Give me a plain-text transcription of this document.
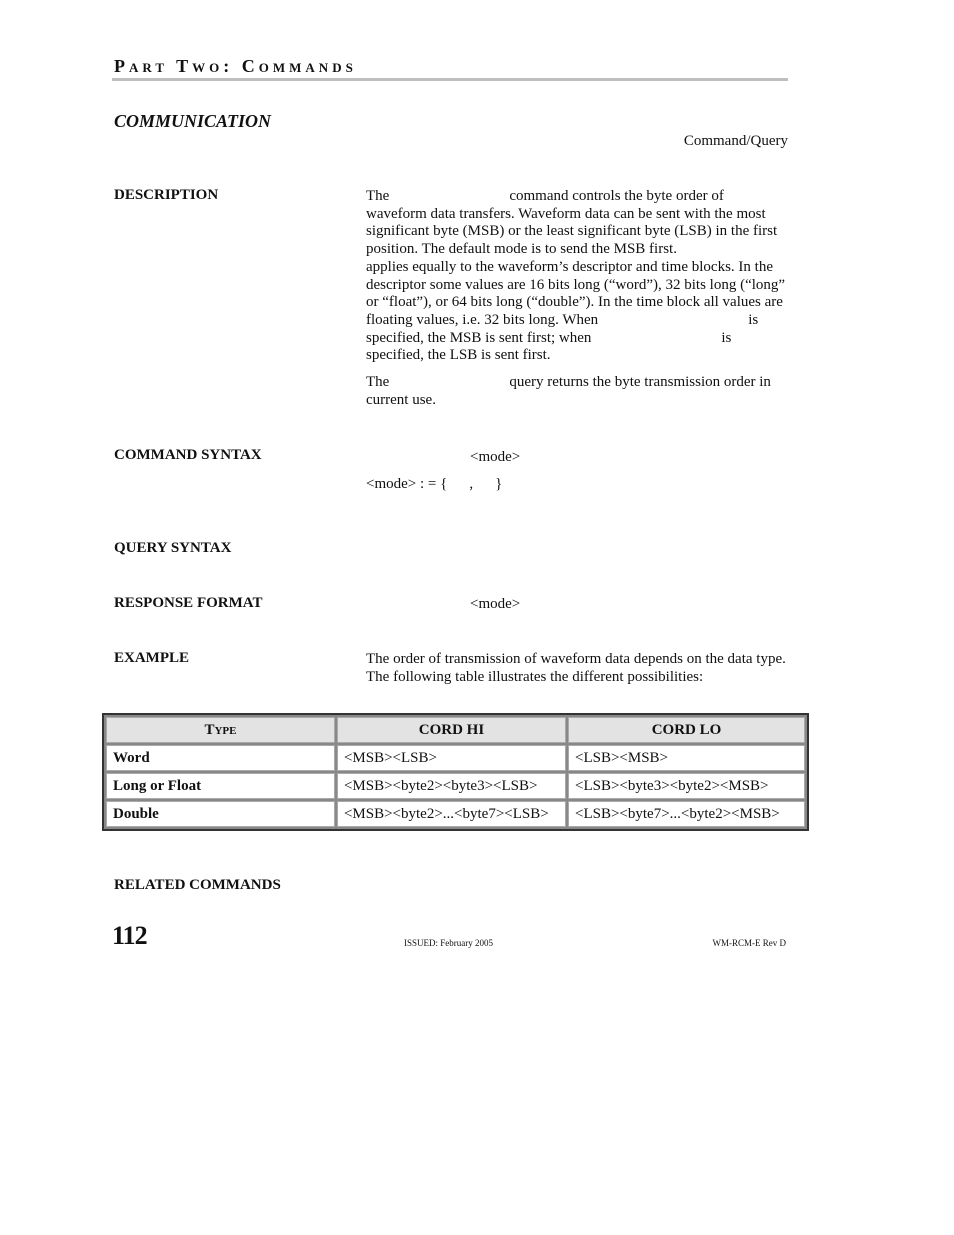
Part Two: Commands
COMMUNICATION
Command/Query
DESCRIPTION	The	command controls the byte order of waveform data transfers. Waveform data can be sent with the most significant byte (MSB) or the least significant byte (LSB) in the first position. The default mode is to send the MSB first.applies equally to the waveform’s descriptor and time blocks. In the descriptor some values are 16 bits long (“word”), 32 bits long (“long” or “float”), or 64 bits long (“double”). In the time block all values are floating values, i.e. 32 bits long. When	is specified, the MSB is sent first; when	is specified, the LSB is sent first.

The	query returns the byte transmission order in current use.

COMMAND SYNTAX	<mode>
<mode> : = { , }
QUERY SYNTAX
RESPONSE FORMAT	<mode>
EXAMPLE	The order of transmission of waveform data depends on the data type. The following table illustrates the different possibilities:
Type	CORD HI	CORD LO
Word	<MSB><LSB>	<LSB><MSB>
Long or Float	<MSB><byte2><byte3><LSB>	<LSB><byte3><byte2><MSB>
Double	<MSB><byte2>...<byte7><LSB>	<LSB><byte7>...<byte2><MSB>
RELATED COMMANDS
112	ISSUED: February 2005	WM-RCM-E Rev D
